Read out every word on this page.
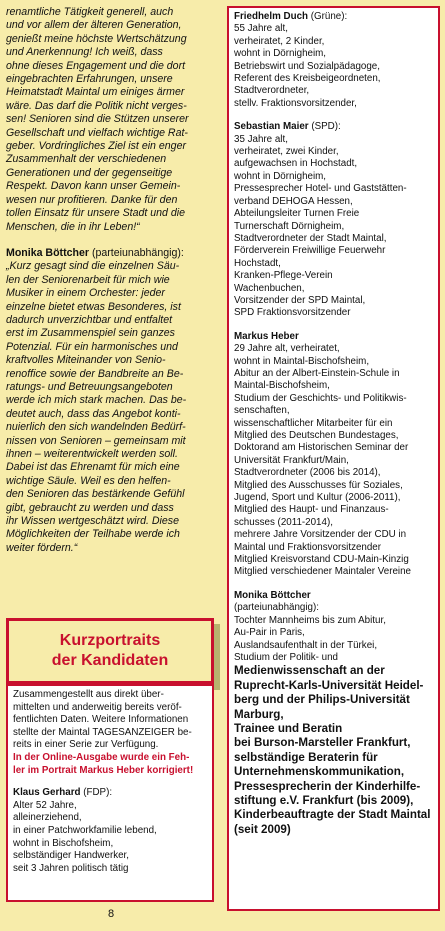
renamtliche Tätigkeit generell, auch
und vor allem der älteren Generation,
genießt meine höchste Wertschätzung
und Anerkennung! Ich weiß, dass
ohne dieses Engagement und die dort
eingebrachten Erfahrungen, unsere
Heimatstadt Maintal um einiges ärmer
wäre. Das darf die Politik nicht verges-
sen! Senioren sind die Stützen unserer
Gesellschaft und vielfach wichtige Rat-
geber. Vordringliches Ziel ist ein enger
Zusammenhalt der verschiedenen
Generationen und der gegenseitige
Respekt. Davon kann unser Gemein-
wesen nur profitieren. Danke für den
tollen Einsatz für unsere Stadt und die
Menschen, die in ihr Leben!“

Monika Böttcher (parteiunabhängig):

„Kurz gesagt sind die einzelnen Säu-
len der Seniorenarbeit für mich wie
Musiker in einem Orchester: jeder
einzelne bietet etwas Besonderes, ist
dadurch unverzichtbar und entfaltet
erst im Zusammenspiel sein ganzes
Potenzial. Für ein harmonisches und
kraftvolles Miteinander von Senio-
renoffice sowie der Bandbreite an Be-
ratungs- und Betreuungsangeboten
werde ich mich stark machen. Das be-
deutet auch, dass das Angebot konti-
nuierlich den sich wandelnden Bedürf-
nissen von Senioren – gemeinsam mit
ihnen – weiterentwickelt werden soll.
Dabei ist das Ehrenamt für mich eine
wichtige Säule. Weil es den helfen-
den Senioren das bestärkende Gefühl
gibt, gebraucht zu werden und dass
ihr Wissen wertgeschätzt wird. Diese
Möglichkeiten der Teilhabe werde ich
weiter fördern.“
Kurzportraits
der Kandidaten
Zusammengestellt aus direkt über-
mittelten und anderweitig bereits veröf-
fentlichten Daten. Weitere Informationen
stellte der Maintal TAGESANZEIGER be-
reits in einer Serie zur Verfügung.
In der Online-Ausgabe wurde ein Feh-
ler im Portrait Markus Heber korrigiert!

Klaus Gerhard (FDP):

Alter 52 Jahre,
alleinerziehend,
in einer Patchworkfamilie lebend,
wohnt in Bischofsheim,
selbständiger Handwerker,
seit 3 Jahren politisch tätig

Friedhelm Duch (Grüne):

55 Jahre alt,
verheiratet, 2 Kinder,
wohnt in Dörnigheim,
Betriebswirt und Sozialpädagoge,
Referent des Kreisbeigeordneten,
Stadtverordneter,
stellv. Fraktionsvorsitzender,

Sebastian Maier (SPD):

35 Jahre alt,
verheiratet, zwei Kinder,
aufgewachsen in Hochstadt,
wohnt in Dörnigheim,
Pressesprecher Hotel- und Gaststätten-
verband DEHOGA Hessen,
Abteilungsleiter Turnen Freie
Turnerschaft Dörnigheim,
Stadtverordneter der Stadt Maintal,
Förderverein Freiwillige Feuerwehr
Hochstadt,
Kranken-Pflege-Verein
Wachenbuchen,
Vorsitzender der SPD Maintal,
SPD Fraktionsvorsitzender

Markus Heber

29 Jahre alt, verheiratet,
wohnt in Maintal-Bischofsheim,
Abitur an der Albert-Einstein-Schule in
Maintal-Bischofsheim,
Studium der Geschichts- und Politikwis-
senschaften,
wissenschaftlicher Mitarbeiter für ein
Mitglied des Deutschen Bundestages,
Doktorand am Historischen Seminar der
Universität Frankfurt/Main,
Stadtverordneter (2006 bis 2014),
Mitglied des Ausschusses für Soziales,
Jugend, Sport und Kultur (2006-2011),
Mitglied des Haupt- und Finanzaus-
schusses (2011-2014),
mehrere Jahre Vorsitzender der CDU in
Maintal und Fraktionsvorsitzender
Mitglied Kreisvorstand CDU-Main-Kinzig
Mitglied verschiedener Maintaler Vereine

Monika Böttcher

(parteiunabhängig):
Tochter Mannheims bis zum Abitur,
Au-Pair in Paris,
Auslandsaufenthalt in der Türkei,
Studium der Politik- und
Medienwissenschaft an der
Ruprecht-Karls-Universität Heidel-
berg und der Philips-Universität
Marburg,
Trainee und Beratin
bei Burson-Marsteller Frankfurt,
selbständige Beraterin für
Unternehmenskommunikation,
Pressesprecherin der Kinderhilfe-
stiftung e.V. Frankfurt (bis 2009),
Kinderbeauftragte der Stadt Maintal
(seit 2009)
8
